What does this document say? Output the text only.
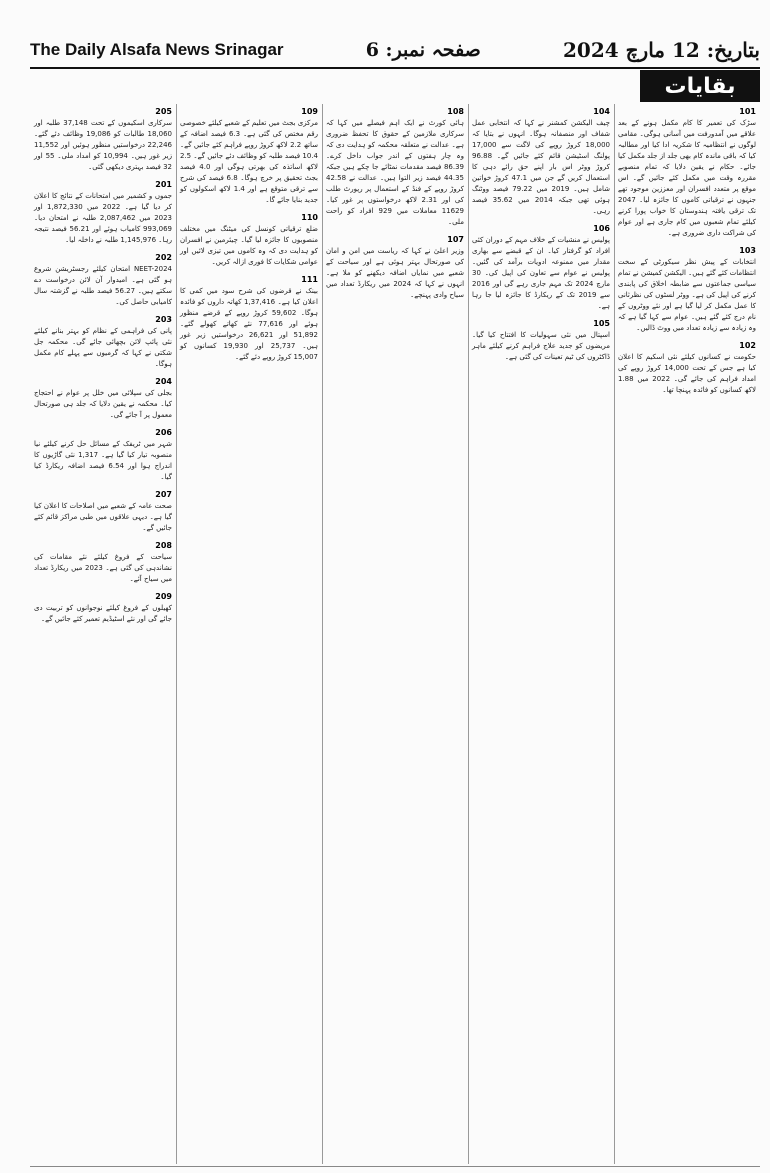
The Daily Alsafa News Srinagar	صفحہ نمبر: 6	بتاریخ: 12 مارچ 2024
بقایات
101
سڑک کی تعمیر کا کام مکمل ہونے کے بعد علاقے میں آمدورفت میں آسانی ہوگی۔ مقامی لوگوں نے انتظامیہ کا شکریہ ادا کیا اور مطالبہ کیا کہ باقی ماندہ کام بھی جلد از جلد مکمل کیا جائے۔ حکام نے یقین دلایا کہ تمام منصوبے مقررہ وقت میں مکمل کئے جائیں گے۔ اس موقع پر متعدد افسران اور معززین موجود تھے جنہوں نے ترقیاتی کاموں کا جائزہ لیا۔ 2047 تک ترقی یافتہ ہندوستان کا خواب پورا کرنے کیلئے تمام شعبوں میں کام جاری ہے اور عوام کی شراکت داری ضروری ہے۔
103
انتخابات کے پیش نظر سیکورٹی کے سخت انتظامات کئے گئے ہیں۔ الیکشن کمیشن نے تمام سیاسی جماعتوں سے ضابطہ اخلاق کی پابندی کرنے کی اپیل کی ہے۔ ووٹر لسٹوں کی نظرثانی کا عمل مکمل کر لیا گیا ہے اور نئے ووٹروں کے نام درج کئے گئے ہیں۔ عوام سے کہا گیا ہے کہ وہ زیادہ سے زیادہ تعداد میں ووٹ ڈالیں۔
102
حکومت نے کسانوں کیلئے نئی اسکیم کا اعلان کیا ہے جس کے تحت 14,000 کروڑ روپے کی امداد فراہم کی جائے گی۔ 2022 میں 1.88 لاکھ کسانوں کو فائدہ پہنچا تھا۔
104
چیف الیکشن کمشنر نے کہا کہ انتخابی عمل شفاف اور منصفانہ ہوگا۔ انہوں نے بتایا کہ 18,000 کروڑ روپے کی لاگت سے 17,000 پولنگ اسٹیشن قائم کئے جائیں گے۔ 96.88 کروڑ ووٹر اس بار اپنے حق رائے دہی کا استعمال کریں گے جن میں 47.1 کروڑ خواتین شامل ہیں۔ 2019 میں 79.22 فیصد ووٹنگ ہوئی تھی جبکہ 2014 میں 35.62 فیصد رہی۔
106
پولیس نے منشیات کے خلاف مہم کے دوران کئی افراد کو گرفتار کیا۔ ان کے قبضے سے بھاری مقدار میں ممنوعہ ادویات برآمد کی گئیں۔ پولیس نے عوام سے تعاون کی اپیل کی۔ 30 مارچ 2024 تک مہم جاری رہے گی اور 2016 سے 2019 تک کے ریکارڈ کا جائزہ لیا جا رہا ہے۔
105
اسپتال میں نئی سہولیات کا افتتاح کیا گیا۔ مریضوں کو جدید علاج فراہم کرنے کیلئے ماہر ڈاکٹروں کی ٹیم تعینات کی گئی ہے۔
108
ہائی کورٹ نے ایک اہم فیصلے میں کہا کہ سرکاری ملازمین کے حقوق کا تحفظ ضروری ہے۔ عدالت نے متعلقہ محکمہ کو ہدایت دی کہ وہ چار ہفتوں کے اندر جواب داخل کرے۔ 86.39 فیصد مقدمات نمٹائے جا چکے ہیں جبکہ 44.35 فیصد زیر التوا ہیں۔ عدالت نے 42.58 کروڑ روپے کے فنڈ کے استعمال پر رپورٹ طلب کی اور 2.31 لاکھ درخواستوں پر غور کیا۔ 11629 معاملات میں 929 افراد کو راحت ملی۔
107
وزیر اعلیٰ نے کہا کہ ریاست میں امن و امان کی صورتحال بہتر ہوئی ہے اور سیاحت کے شعبے میں نمایاں اضافہ دیکھنے کو ملا ہے۔ انہوں نے کہا کہ 2024 میں ریکارڈ تعداد میں سیاح وادی پہنچے۔
109
مرکزی بجٹ میں تعلیم کے شعبے کیلئے خصوصی رقم مختص کی گئی ہے۔ 6.3 فیصد اضافہ کے ساتھ 2.2 لاکھ کروڑ روپے فراہم کئے جائیں گے۔ 10.4 فیصد طلبہ کو وظائف دئے جائیں گے۔ 2.5 لاکھ اساتذہ کی بھرتی ہوگی اور 4.0 فیصد بجٹ تحقیق پر خرچ ہوگا۔ 6.8 فیصد کی شرح سے ترقی متوقع ہے اور 1.4 لاکھ اسکولوں کو جدید بنایا جائے گا۔
110
ضلع ترقیاتی کونسل کی میٹنگ میں مختلف منصوبوں کا جائزہ لیا گیا۔ چیئرمین نے افسران کو ہدایت دی کہ وہ کاموں میں تیزی لائیں اور عوامی شکایات کا فوری ازالہ کریں۔
111
بینک نے قرضوں کی شرح سود میں کمی کا اعلان کیا ہے۔ 1,37,416 کھاتہ داروں کو فائدہ ہوگا۔ 59,602 کروڑ روپے کے قرضے منظور ہوئے اور 77,616 نئے کھاتے کھولے گئے۔ 51,892 اور 26,621 درخواستیں زیر غور ہیں۔ 25,737 اور 19,930 کسانوں کو 15,007 کروڑ روپے دئے گئے۔
205
سرکاری اسکیموں کے تحت 37,148 طلبہ اور 18,060 طالبات کو 19,086 وظائف دئے گئے۔ 22,246 درخواستیں منظور ہوئیں اور 11,552 زیر غور ہیں۔ 10,994 کو امداد ملی۔ 55 اور 32 فیصد بہتری دیکھی گئی۔
201
جموں و کشمیر میں امتحانات کے نتائج کا اعلان کر دیا گیا ہے۔ 2022 میں 1,872,330 اور 2023 میں 2,087,462 طلبہ نے امتحان دیا۔ 993,069 کامیاب ہوئے اور 56.21 فیصد نتیجہ رہا۔ 1,145,976 طلبہ نے داخلہ لیا۔
202
NEET-2024 امتحان کیلئے رجسٹریشن شروع ہو گئی ہے۔ امیدوار آن لائن درخواست دے سکتے ہیں۔ 56.27 فیصد طلبہ نے گزشتہ سال کامیابی حاصل کی۔
203
پانی کی فراہمی کے نظام کو بہتر بنانے کیلئے نئی پائپ لائن بچھائی جائے گی۔ محکمہ جل شکتی نے کہا کہ گرمیوں سے پہلے کام مکمل ہوگا۔
204
بجلی کی سپلائی میں خلل پر عوام نے احتجاج کیا۔ محکمہ نے یقین دلایا کہ جلد ہی صورتحال معمول پر آ جائے گی۔
206
شہر میں ٹریفک کے مسائل حل کرنے کیلئے نیا منصوبہ تیار کیا گیا ہے۔ 1,317 نئی گاڑیوں کا اندراج ہوا اور 6.54 فیصد اضافہ ریکارڈ کیا گیا۔
207
صحت عامہ کے شعبے میں اصلاحات کا اعلان کیا گیا ہے۔ دیہی علاقوں میں طبی مراکز قائم کئے جائیں گے۔
208
سیاحت کے فروغ کیلئے نئے مقامات کی نشاندہی کی گئی ہے۔ 2023 میں ریکارڈ تعداد میں سیاح آئے۔
209
کھیلوں کے فروغ کیلئے نوجوانوں کو تربیت دی جائے گی اور نئے اسٹیڈیم تعمیر کئے جائیں گے۔
